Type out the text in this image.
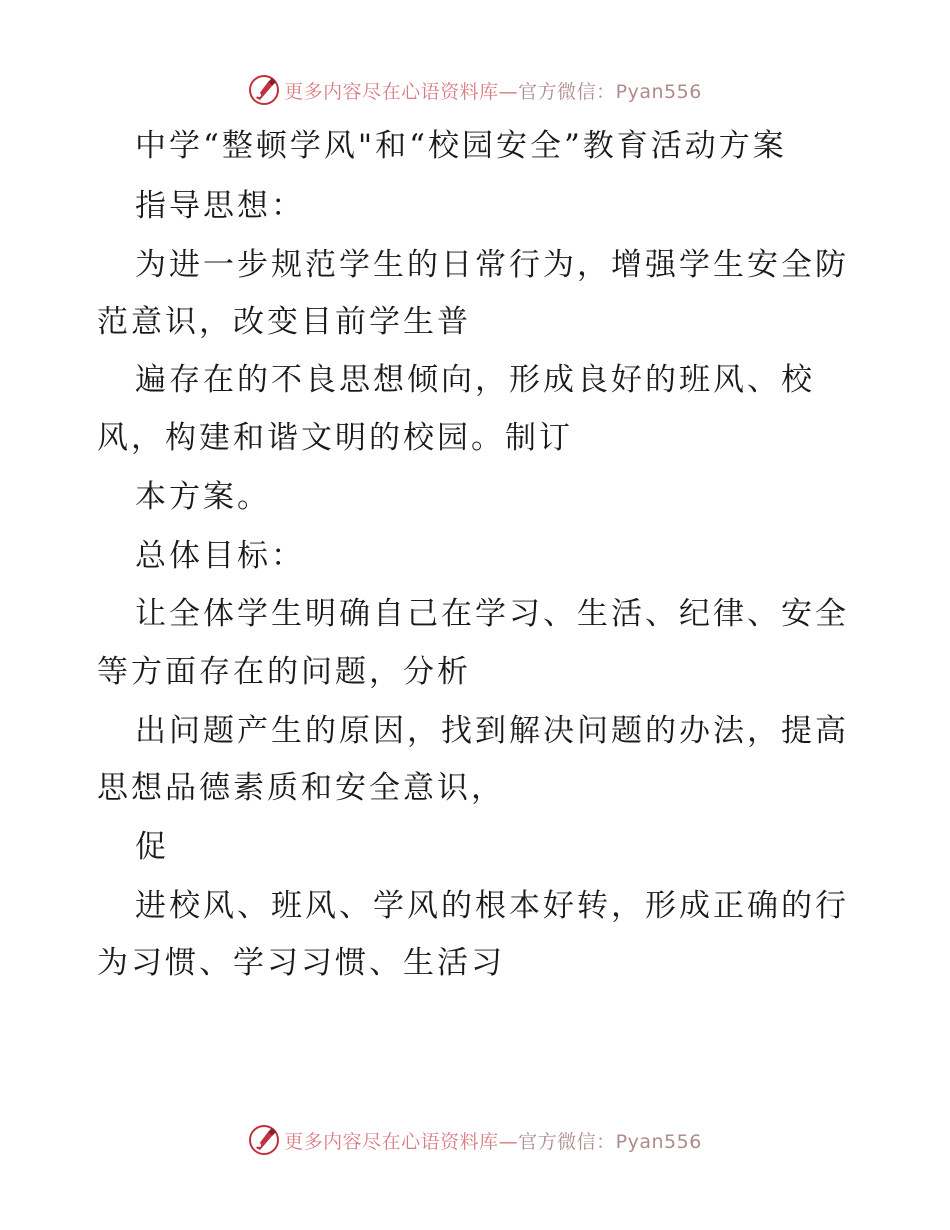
更多内容尽在心语资料库—官方微信：Pyan556
中学“整顿学风"和“校园安全”教育活动方案
指导思想：
为进一步规范学生的日常行为，增强学生安全防
范意识，改变目前学生普
遍存在的不良思想倾向，形成良好的班风、校
风，构建和谐文明的校园。制订
本方案。
总体目标：
让全体学生明确自己在学习、生活、纪律、安全
等方面存在的问题，分析
出问题产生的原因，找到解决问题的办法，提高
思想品德素质和安全意识，
促
进校风、班风、学风的根本好转，形成正确的行
为习惯、学习习惯、生活习
更多内容尽在心语资料库—官方微信：Pyan556
